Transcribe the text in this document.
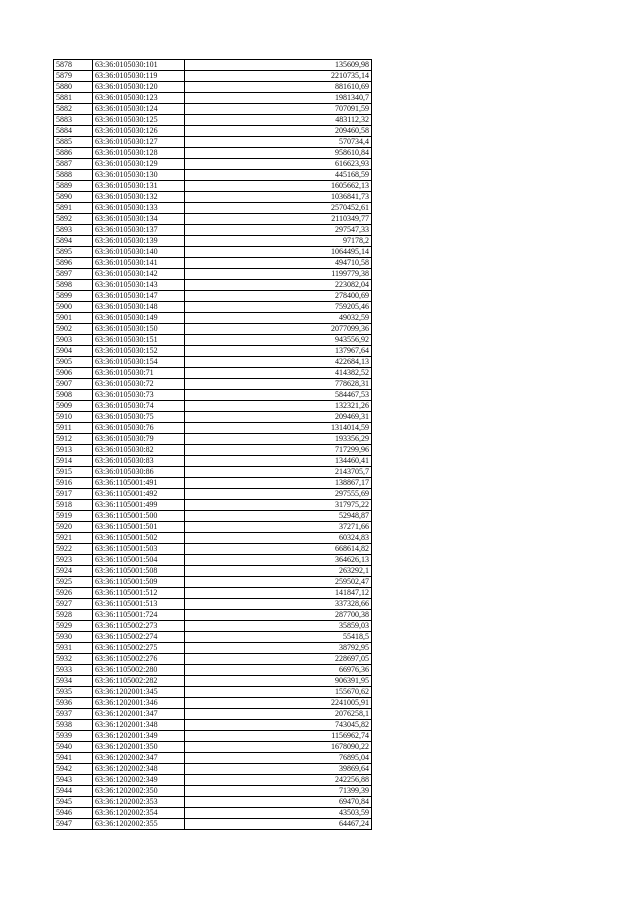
5878	63:36:0105030:101	135609,98
5879	63:36:0105030:119	2210735,14
5880	63:36:0105030:120	881610,69
5881	63:36:0105030:123	1981340,7
5882	63:36:0105030:124	707091,59
5883	63:36:0105030:125	483112,32
5884	63:36:0105030:126	209460,58
5885	63:36:0105030:127	570734,4
5886	63:36:0105030:128	958610,84
5887	63:36:0105030:129	616623,93
5888	63:36:0105030:130	445168,59
5889	63:36:0105030:131	1605662,13
5890	63:36:0105030:132	1036841,73
5891	63:36:0105030:133	2570452,61
5892	63:36:0105030:134	2110349,77
5893	63:36:0105030:137	297547,33
5894	63:36:0105030:139	97178,2
5895	63:36:0105030:140	1064495,14
5896	63:36:0105030:141	494710,58
5897	63:36:0105030:142	1199779,38
5898	63:36:0105030:143	223082,04
5899	63:36:0105030:147	278400,69
5900	63:36:0105030:148	759205,46
5901	63:36:0105030:149	49032,59
5902	63:36:0105030:150	2077099,36
5903	63:36:0105030:151	943556,92
5904	63:36:0105030:152	137967,64
5905	63:36:0105030:154	422684,13
5906	63:36:0105030:71	414382,52
5907	63:36:0105030:72	778628,31
5908	63:36:0105030:73	584467,53
5909	63:36:0105030:74	132321,26
5910	63:36:0105030:75	209469,31
5911	63:36:0105030:76	1314014,59
5912	63:36:0105030:79	193356,29
5913	63:36:0105030:82	717299,96
5914	63:36:0105030:83	134460,41
5915	63:36:0105030:86	2143705,7
5916	63:36:1105001:491	138867,17
5917	63:36:1105001:492	297555,69
5918	63:36:1105001:499	317975,22
5919	63:36:1105001:500	52948,87
5920	63:36:1105001:501	37271,66
5921	63:36:1105001:502	60324,83
5922	63:36:1105001:503	668614,82
5923	63:36:1105001:504	364626,13
5924	63:36:1105001:508	263292,1
5925	63:36:1105001:509	259502,47
5926	63:36:1105001:512	141847,12
5927	63:36:1105001:513	337328,66
5928	63:36:1105001:724	287700,38
5929	63:36:1105002:273	35859,03
5930	63:36:1105002:274	55418,5
5931	63:36:1105002:275	38792,95
5932	63:36:1105002:276	228697,05
5933	63:36:1105002:280	66976,36
5934	63:36:1105002:282	906391,95
5935	63:36:1202001:345	155670,62
5936	63:36:1202001:346	2241005,91
5937	63:36:1202001:347	2076258,1
5938	63:36:1202001:348	743045,82
5939	63:36:1202001:349	1156962,74
5940	63:36:1202001:350	1678090,22
5941	63:36:1202002:347	76895,04
5942	63:36:1202002:348	39869,64
5943	63:36:1202002:349	242256,88
5944	63:36:1202002:350	71399,39
5945	63:36:1202002:353	69470,84
5946	63:36:1202002:354	43503,59
5947	63:36:1202002:355	64467,24
